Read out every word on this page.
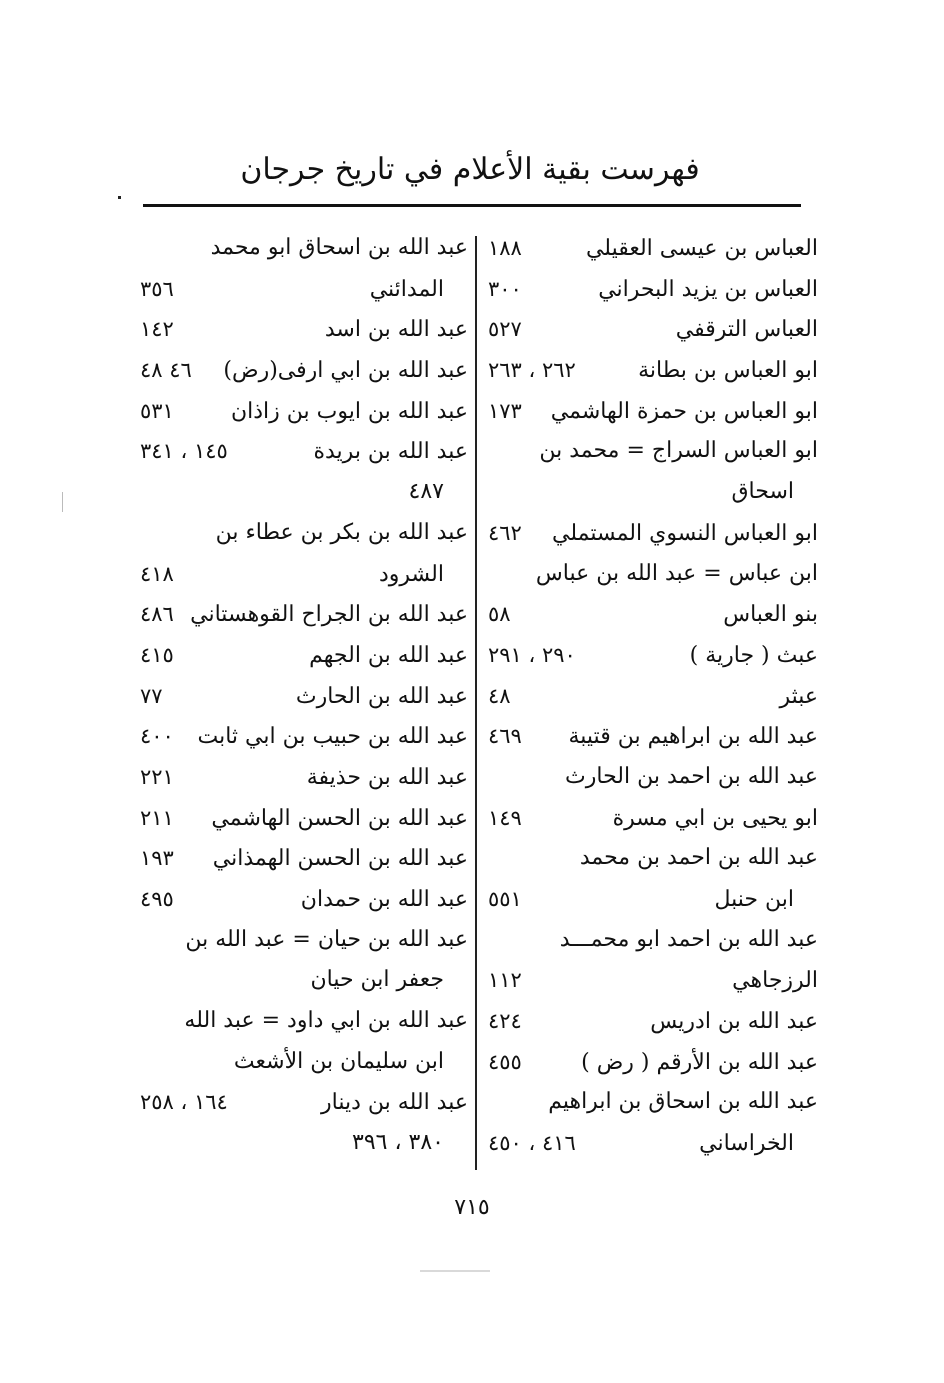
فهرست بقية الأعلام في تاريخ جرجان
العباس بن عيسى العقيلي
١٨٨
العباس بن يزيد البحراني
٣٠٠
العباس الترقفي
٥٢٧
ابو العباس بن بطانة
٢٦٢ ، ٢٦٣
ابو العباس بن حمزة الهاشمي
١٧٣
ابو العباس السراج = محمد بن
اسحاق
ابو العباس النسوي المستملي
٤٦٢
ابن عباس = عبد الله بن عباس
بنو العباس
٥٨
عبث ( جارية )
٢٩٠ ، ٢٩١
عبثر
٤٨
عبد الله بن ابراهيم بن قتيبة
٤٦٩
عبد الله بن احمد بن الحارث
ابو يحيى بن ابي مسرة
١٤٩
عبد الله بن احمد بن محمد
ابن حنبل
٥٥١
عبد الله بن احمد ابو محمـــد
الرزجاهي
١١٢
عبد الله بن ادريس
٤٢٤
عبد الله بن الأرقم ( رض )
٤٥٥
عبد الله بن اسحاق بن ابراهيم
الخراساني
٤١٦ ، ٤٥٠
عبد الله بن اسحاق ابو محمد
المدائني
٣٥٦
عبد الله بن اسد
١٤٢
عبد الله بن ابي ارفى(رض)
٤٦ ٤٨
عبد الله بن ايوب بن زاذان
٥٣١
عبد الله بن بريدة
١٤٥ ، ٣٤١
٤٨٧
عبد الله بن بكر بن عطاء بن
الشرود
٤١٨
عبد الله بن الجراح القوهستاني
٤٨٦
عبد الله بن الجهم
٤١٥
عبد الله بن الحارث
٧٧
عبد الله بن حبيب بن ابي ثابت
٤٠٠
عبد الله بن حذيفة
٢٢١
عبد الله بن الحسن الهاشمي
٢١١
عبد الله بن الحسن الهمذاني
١٩٣
عبد الله بن حمدان
٤٩٥
عبد الله بن حيان = عبد الله بن
جعفر ابن حيان
عبد الله بن ابي داود = عبد الله
ابن سليمان بن الأشعث
عبد الله بن دينار
١٦٤ ، ٢٥٨
٣٨٠ ، ٣٩٦
٧١٥
